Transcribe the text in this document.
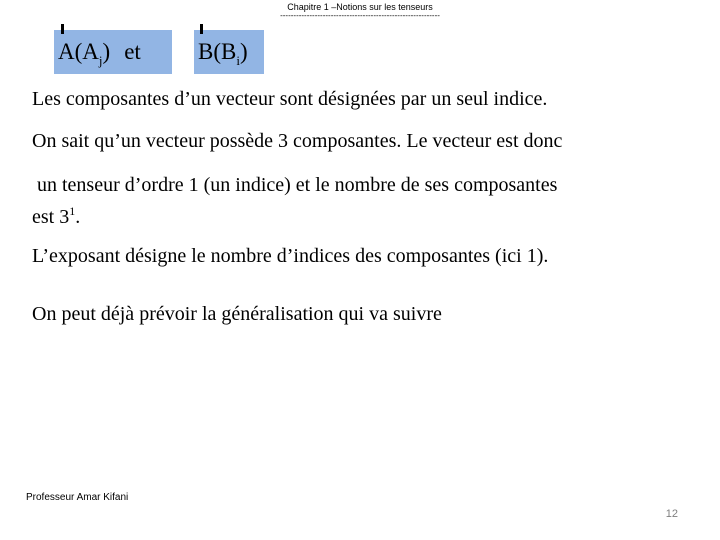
Chapitre 1 –Notions sur les tenseurs
------------------------------------------------------------
$A(A_j)$ et $B(B_i)$
Les composantes d’un vecteur sont désignées par un seul indice.
On sait qu’un vecteur possède 3 composantes. Le vecteur est donc
un tenseur d’ordre 1 (un indice) et le nombre de ses composantes
est $3^1$.
L’exposant désigne le nombre d’indices des composantes (ici 1).
On peut déjà prévoir la généralisation qui va suivre
Professeur Amar Kifani
12
